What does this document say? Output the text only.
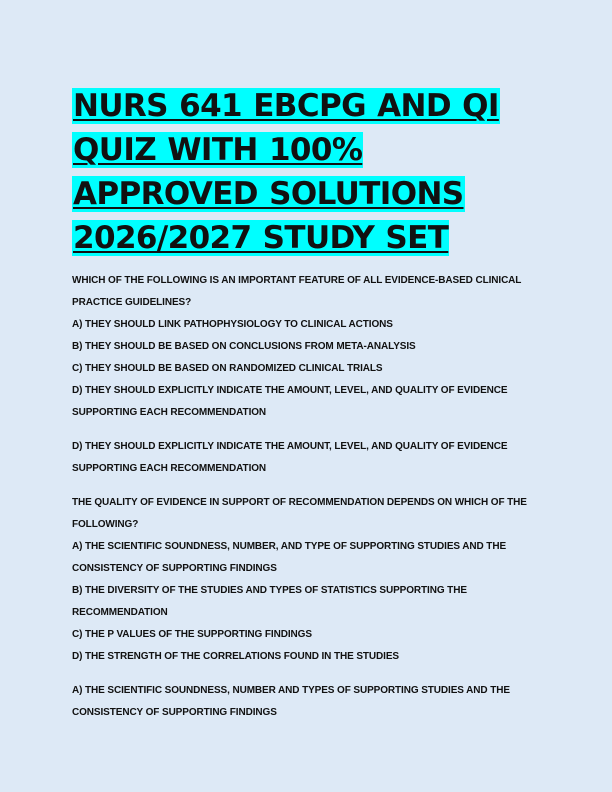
NURS 641 EBCPG AND QI QUIZ WITH 100% APPROVED SOLUTIONS 2026/2027 STUDY SET
WHICH OF THE FOLLOWING IS AN IMPORTANT FEATURE OF ALL EVIDENCE-BASED CLINICAL
PRACTICE GUIDELINES?
A) THEY SHOULD LINK PATHOPHYSIOLOGY TO CLINICAL ACTIONS
B) THEY SHOULD BE BASED ON CONCLUSIONS FROM META-ANALYSIS
C) THEY SHOULD BE BASED ON RANDOMIZED CLINICAL TRIALS
D) THEY SHOULD EXPLICITLY INDICATE THE AMOUNT, LEVEL, AND QUALITY OF EVIDENCE
SUPPORTING EACH RECOMMENDATION
D) THEY SHOULD EXPLICITLY INDICATE THE AMOUNT, LEVEL, AND QUALITY OF EVIDENCE
SUPPORTING EACH RECOMMENDATION
THE QUALITY OF EVIDENCE IN SUPPORT OF RECOMMENDATION DEPENDS ON WHICH OF THE
FOLLOWING?
A) THE SCIENTIFIC SOUNDNESS, NUMBER, AND TYPE OF SUPPORTING STUDIES AND THE
CONSISTENCY OF SUPPORTING FINDINGS
B) THE DIVERSITY OF THE STUDIES AND TYPES OF STATISTICS SUPPORTING THE
RECOMMENDATION
C) THE P VALUES OF THE SUPPORTING FINDINGS
D) THE STRENGTH OF THE CORRELATIONS FOUND IN THE STUDIES
A) THE SCIENTIFIC SOUNDNESS, NUMBER AND TYPES OF SUPPORTING STUDIES AND THE
CONSISTENCY OF SUPPORTING FINDINGS
